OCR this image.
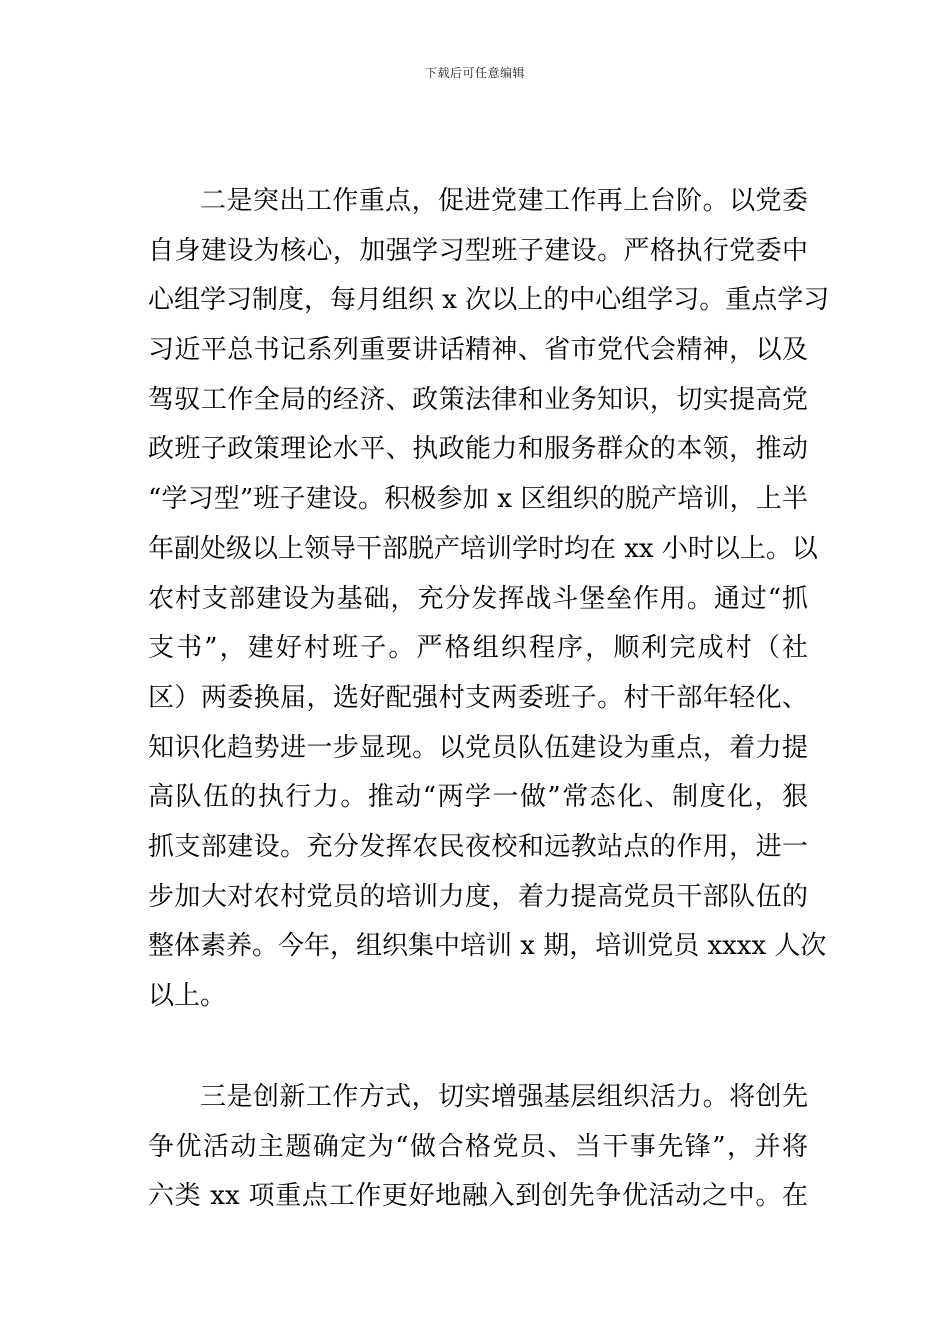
下载后可任意编辑
二是突出工作重点，促进党建工作再上台阶。以党委
自身建设为核心，加强学习型班子建设。严格执行党委中
心组学习制度，每月组织 x 次以上的中心组学习。重点学习
习近平总书记系列重要讲话精神、省市党代会精神，以及
驾驭工作全局的经济、政策法律和业务知识，切实提高党
政班子政策理论水平、执政能力和服务群众的本领，推动
“学习型”班子建设。积极参加 x 区组织的脱产培训，上半
年副处级以上领导干部脱产培训学时均在 xx 小时以上。以
农村支部建设为基础，充分发挥战斗堡垒作用。通过“抓
支书”，建好村班子。严格组织程序，顺利完成村（社
区）两委换届，选好配强村支两委班子。村干部年轻化、
知识化趋势进一步显现。以党员队伍建设为重点，着力提
高队伍的执行力。推动“两学一做”常态化、制度化，狠
抓支部建设。充分发挥农民夜校和远教站点的作用，进一
步加大对农村党员的培训力度，着力提高党员干部队伍的
整体素养。今年，组织集中培训 x 期，培训党员 xxxx 人次
以上。
三是创新工作方式，切实增强基层组织活力。将创先
争优活动主题确定为“做合格党员、当干事先锋”，并将
六类 xx 项重点工作更好地融入到创先争优活动之中。在
